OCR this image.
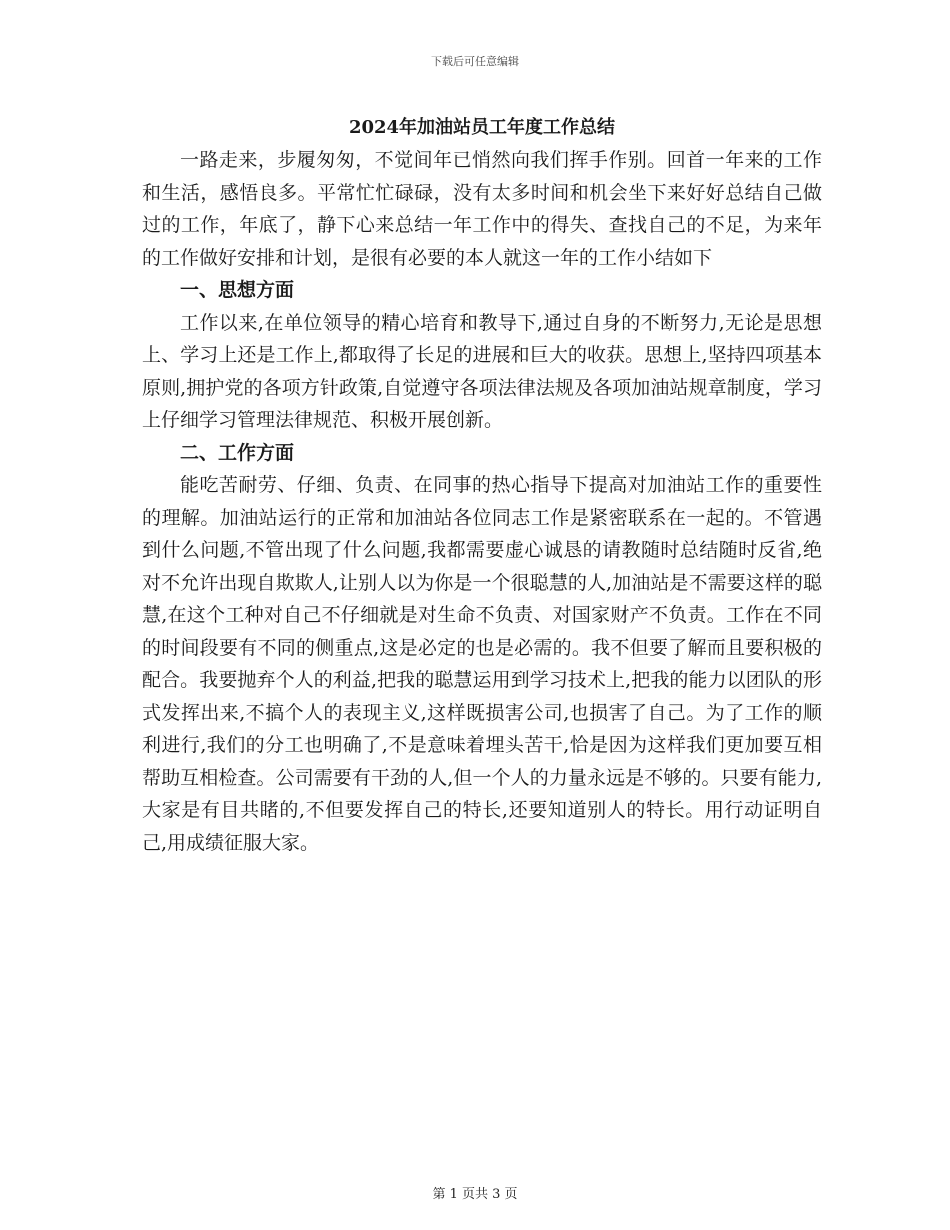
下载后可任意编辑
2024年加油站员工年度工作总结

一路走来，步履匆匆，不觉间年已悄然向我们挥手作别。回首一年来的工作和生活，感悟良多。平常忙忙碌碌，没有太多时间和机会坐下来好好总结自己做过的工作，年底了，静下心来总结一年工作中的得失、查找自己的不足，为来年的工作做好安排和计划，是很有必要的本人就这一年的工作小结如下

一、思想方面

工作以来,在单位领导的精心培育和教导下,通过自身的不断努力,无论是思想上、学习上还是工作上,都取得了长足的进展和巨大的收获。思想上,坚持四项基本原则,拥护党的各项方针政策,自觉遵守各项法律法规及各项加油站规章制度，学习上仔细学习管理法律规范、积极开展创新。

二、工作方面

能吃苦耐劳、仔细、负责、在同事的热心指导下提高对加油站工作的重要性的理解。加油站运行的正常和加油站各位同志工作是紧密联系在一起的。不管遇到什么问题,不管出现了什么问题,我都需要虚心诚恳的请教随时总结随时反省,绝对不允许出现自欺欺人,让别人以为你是一个很聪慧的人,加油站是不需要这样的聪慧,在这个工种对自己不仔细就是对生命不负责、对国家财产不负责。工作在不同的时间段要有不同的侧重点,这是必定的也是必需的。我不但要了解而且要积极的配合。我要抛弃个人的利益,把我的聪慧运用到学习技术上,把我的能力以团队的形式发挥出来,不搞个人的表现主义,这样既损害公司,也损害了自己。为了工作的顺利进行,我们的分工也明确了,不是意味着埋头苦干,恰是因为这样我们更加要互相帮助互相检查。公司需要有干劲的人,但一个人的力量永远是不够的。只要有能力,大家是有目共睹的,不但要发挥自己的特长,还要知道别人的特长。用行动证明自己,用成绩征服大家。

第 1 页共 3 页
